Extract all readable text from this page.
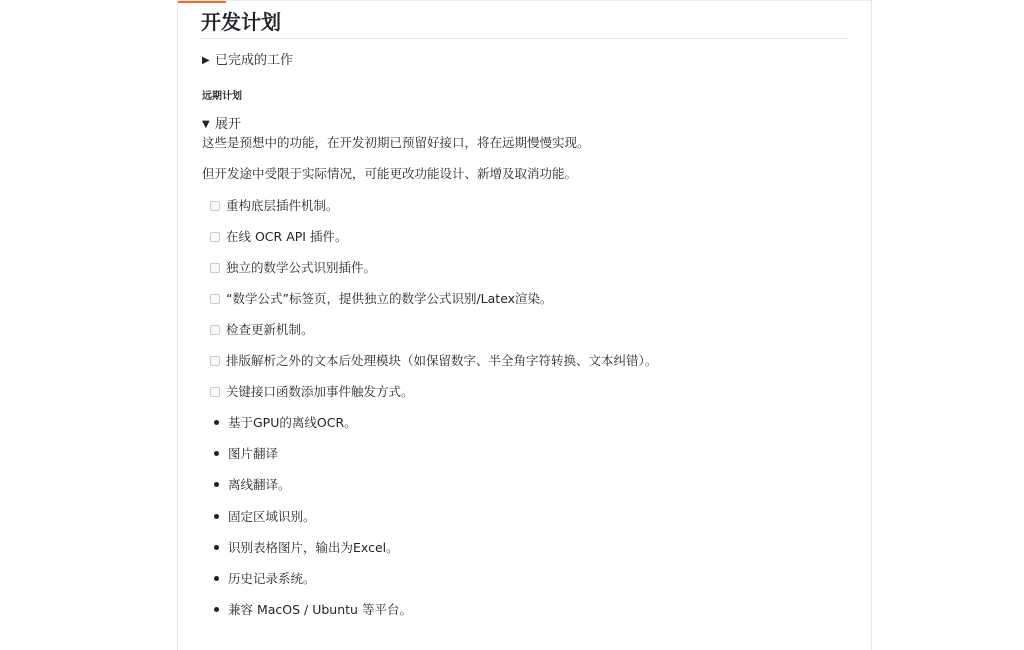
开发计划
▶ 已完成的工作
远期计划
▼ 展开

这些是预想中的功能，在开发初期已预留好接口，将在远期慢慢实现。

但开发途中受限于实际情况，可能更改功能设计、新增及取消功能。

重构底层插件机制。
在线 OCR API 插件。
独立的数学公式识别插件。
“数学公式”标签页，提供独立的数学公式识别/Latex渲染。
检查更新机制。
排版解析之外的文本后处理模块（如保留数字、半全角字符转换、文本纠错）。
关键接口函数添加事件触发方式。
基于GPU的离线OCR。
图片翻译
离线翻译。
固定区域识别。
识别表格图片，输出为Excel。
历史记录系统。
兼容 MacOS / Ubuntu 等平台。
